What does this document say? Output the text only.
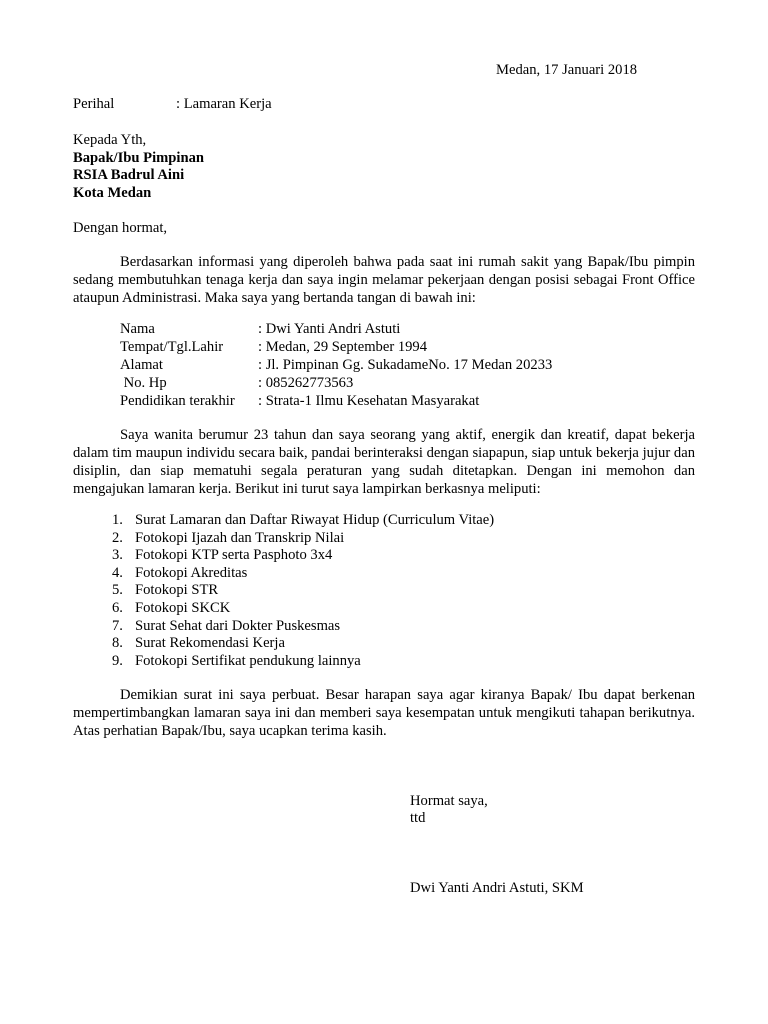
Medan, 17 Januari 2018
Perihal	: Lamaran Kerja
Kepada Yth,
Bapak/Ibu Pimpinan
RSIA Badrul Aini
Kota Medan
Dengan hormat,
Berdasarkan informasi yang diperoleh bahwa pada saat ini rumah sakit yang Bapak/Ibu pimpin sedang membutuhkan tenaga kerja dan saya ingin melamar pekerjaan dengan posisi sebagai Front Office ataupun Administrasi. Maka saya yang bertanda tangan di bawah ini:
Nama	: Dwi Yanti Andri Astuti
Tempat/Tgl.Lahir	: Medan, 29 September 1994
Alamat	: Jl. Pimpinan Gg. SukadameNo. 17 Medan 20233
No. Hp	: 085262773563
Pendidikan terakhir	: Strata-1 Ilmu Kesehatan Masyarakat
Saya wanita berumur 23 tahun dan saya seorang yang aktif, energik dan kreatif, dapat bekerja dalam tim maupun individu secara baik, pandai berinteraksi dengan siapapun, siap untuk bekerja jujur dan disiplin, dan siap mematuhi segala peraturan yang sudah ditetapkan. Dengan ini memohon dan mengajukan lamaran kerja. Berikut ini turut saya lampirkan berkasnya meliputi:
1. Surat Lamaran dan Daftar Riwayat Hidup (Curriculum Vitae)
2. Fotokopi Ijazah dan Transkrip Nilai
3. Fotokopi KTP serta Pasphoto 3x4
4. Fotokopi Akreditas
5. Fotokopi STR
6. Fotokopi SKCK
7. Surat Sehat dari Dokter Puskesmas
8. Surat Rekomendasi Kerja
9. Fotokopi Sertifikat pendukung lainnya
Demikian surat ini saya perbuat. Besar harapan saya agar kiranya Bapak/ Ibu dapat berkenan mempertimbangkan lamaran saya ini dan memberi saya kesempatan untuk mengikuti tahapan berikutnya. Atas perhatian Bapak/Ibu, saya ucapkan terima kasih.
Hormat saya,
ttd
Dwi Yanti Andri Astuti, SKM
